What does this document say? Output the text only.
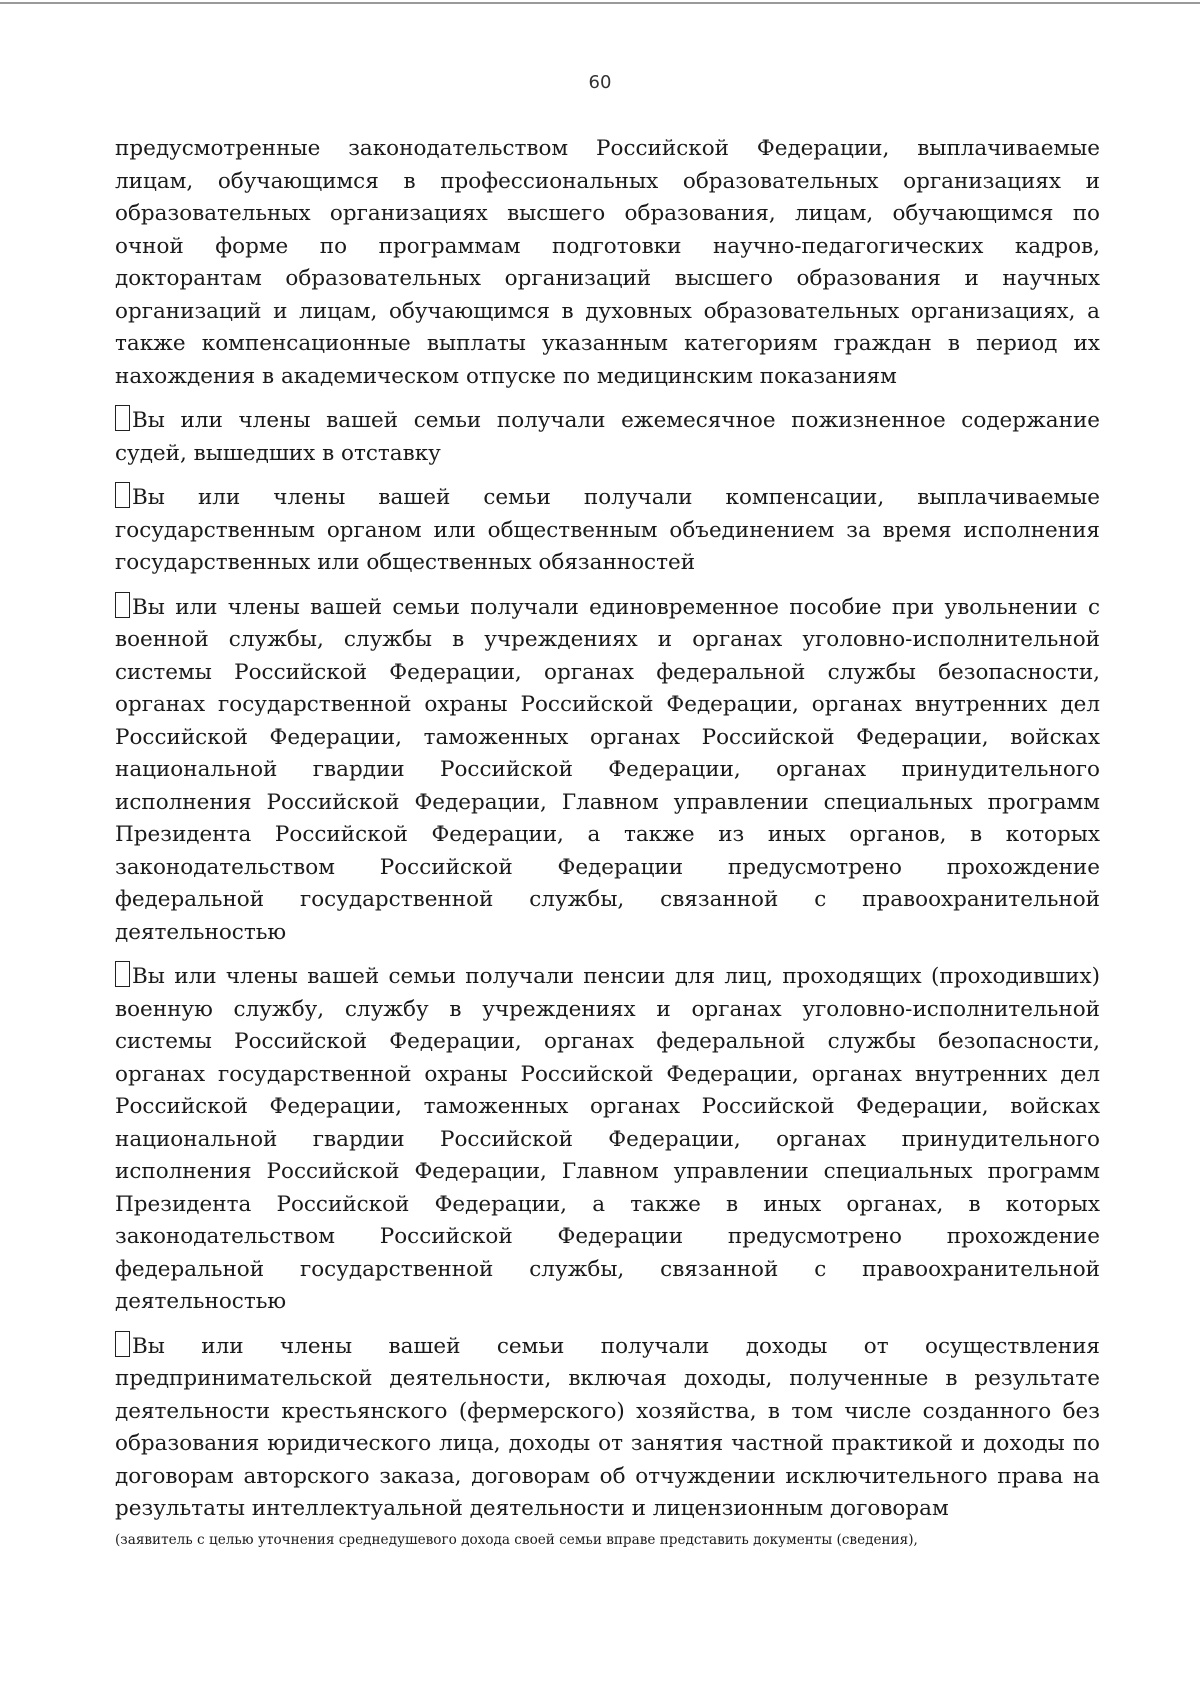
60

предусмотренные законодательством Российской Федерации, выплачиваемые лицам, обучающимся в профессиональных образовательных организациях и образовательных организациях высшего образования, лицам, обучающимся по очной форме по программам подготовки научно-педагогических кадров, докторантам образовательных организаций высшего образования и научных организаций и лицам, обучающимся в духовных образовательных организациях, а также компенсационные выплаты указанным категориям граждан в период их нахождения в академическом отпуске по медицинским показаниям

Вы или члены вашей семьи получали ежемесячное пожизненное содержание судей, вышедших в отставку

Вы или члены вашей семьи получали компенсации, выплачиваемые государственным органом или общественным объединением за время исполнения государственных или общественных обязанностей

Вы или члены вашей семьи получали единовременное пособие при увольнении с военной службы, службы в учреждениях и органах уголовно-исполнительной системы Российской Федерации, органах федеральной службы безопасности, органах государственной охраны Российской Федерации, органах внутренних дел Российской Федерации, таможенных органах Российской Федерации, войсках национальной гвардии Российской Федерации, органах принудительного исполнения Российской Федерации, Главном управлении специальных программ Президента Российской Федерации, а также из иных органов, в которых законодательством Российской Федерации предусмотрено прохождение федеральной государственной службы, связанной с правоохранительной деятельностью

Вы или члены вашей семьи получали пенсии для лиц, проходящих (проходивших) военную службу, службу в учреждениях и органах уголовно-исполнительной системы Российской Федерации, органах федеральной службы безопасности, органах государственной охраны Российской Федерации, органах внутренних дел Российской Федерации, таможенных органах Российской Федерации, войсках национальной гвардии Российской Федерации, органах принудительного исполнения Российской Федерации, Главном управлении специальных программ Президента Российской Федерации, а также в иных органах, в которых законодательством Российской Федерации предусмотрено прохождение федеральной государственной службы, связанной с правоохранительной деятельностью

Вы или члены вашей семьи получали доходы от осуществления предпринимательской деятельности, включая доходы, полученные в результате деятельности крестьянского (фермерского) хозяйства, в том числе созданного без образования юридического лица, доходы от занятия частной практикой и доходы по договорам авторского заказа, договорам об отчуждении исключительного права на результаты интеллектуальной деятельности и лицензионным договорам

(заявитель с целью уточнения среднедушевого дохода своей семьи вправе представить документы (сведения),
